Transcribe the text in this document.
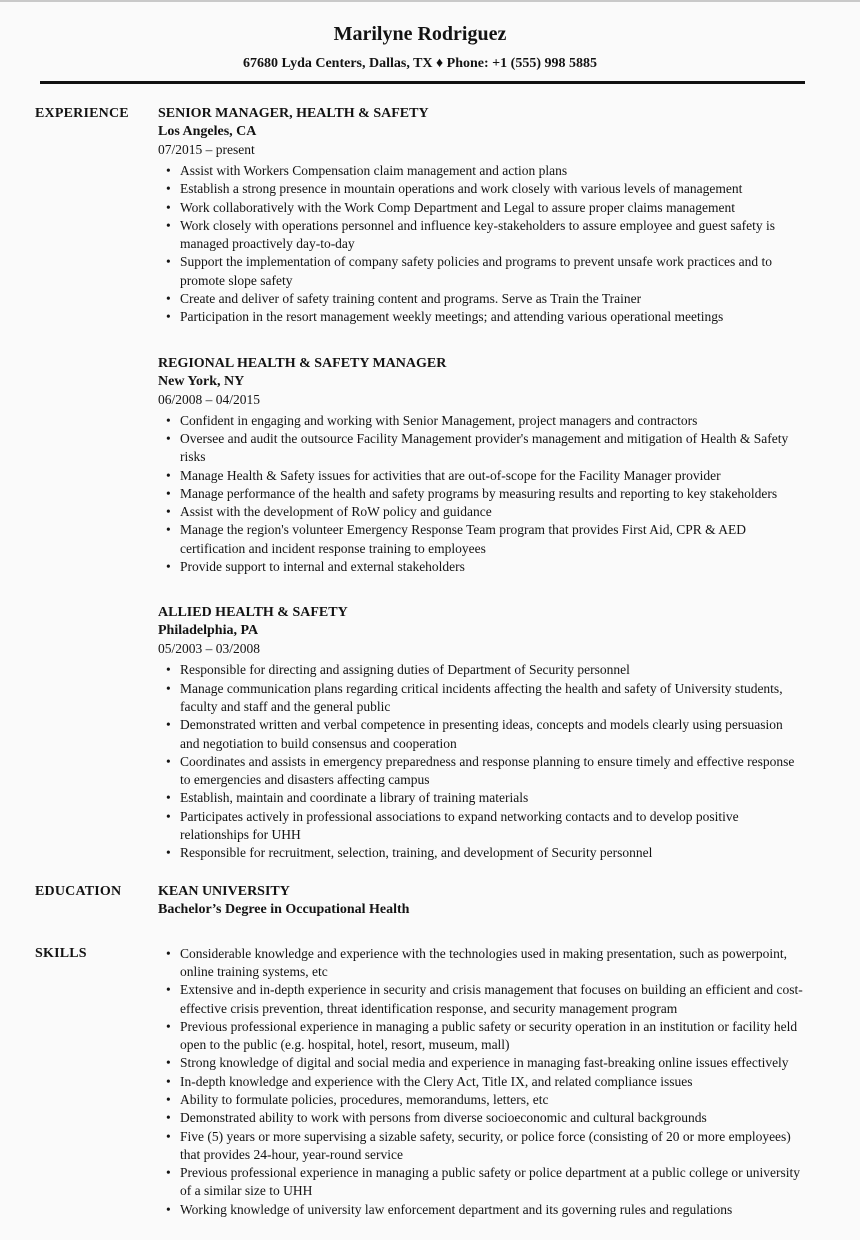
Marilyne Rodriguez

67680 Lyda Centers, Dallas, TX ♦ Phone: +1 (555) 998 5885

EXPERIENCE	SENIOR MANAGER, HEALTH & SAFETY
Los Angeles, CA

07/2015 – present

• Assist with Workers Compensation claim management and action plans
• Establish a strong presence in mountain operations and work closely with various levels of management
• Work collaboratively with the Work Comp Department and Legal to assure proper claims management
• Work closely with operations personnel and influence key-stakeholders to assure employee and guest safety is managed proactively day-to-day
• Support the implementation of company safety policies and programs to prevent unsafe work practices and to promote slope safety
• Create and deliver of safety training content and programs. Serve as Train the Trainer
• Participation in the resort management weekly meetings; and attending various operational meetings
REGIONAL HEALTH & SAFETY MANAGER
New York, NY

06/2008 – 04/2015

• Confident in engaging and working with Senior Management, project managers and contractors
• Oversee and audit the outsource Facility Management provider's management and mitigation of Health & Safety risks
• Manage Health & Safety issues for activities that are out-of-scope for the Facility Manager provider
• Manage performance of the health and safety programs by measuring results and reporting to key stakeholders
• Assist with the development of RoW policy and guidance
• Manage the region's volunteer Emergency Response Team program that provides First Aid, CPR & AED certification and incident response training to employees
• Provide support to internal and external stakeholders
ALLIED HEALTH & SAFETY
Philadelphia, PA

05/2003 – 03/2008

• Responsible for directing and assigning duties of Department of Security personnel
• Manage communication plans regarding critical incidents affecting the health and safety of University students, faculty and staff and the general public
• Demonstrated written and verbal competence in presenting ideas, concepts and models clearly using persuasion and negotiation to build consensus and cooperation
• Coordinates and assists in emergency preparedness and response planning to ensure timely and effective response to emergencies and disasters affecting campus
• Establish, maintain and coordinate a library of training materials
• Participates actively in professional associations to expand networking contacts and to develop positive relationships for UHH
• Responsible for recruitment, selection, training, and development of Security personnel
EDUCATION	KEAN UNIVERSITY

Bachelor’s Degree in Occupational Health

SKILLS	• Considerable knowledge and experience with the technologies used in making presentation, such as powerpoint, online training systems, etc
• Extensive and in-depth experience in security and crisis management that focuses on building an efficient and cost-effective crisis prevention, threat identification response, and security management program
• Previous professional experience in managing a public safety or security operation in an institution or facility held open to the public (e.g. hospital, hotel, resort, museum, mall)
• Strong knowledge of digital and social media and experience in managing fast-breaking online issues effectively
• In-depth knowledge and experience with the Clery Act, Title IX, and related compliance issues
• Ability to formulate policies, procedures, memorandums, letters, etc
• Demonstrated ability to work with persons from diverse socioeconomic and cultural backgrounds
• Five (5) years or more supervising a sizable safety, security, or police force (consisting of 20 or more employees) that provides 24-hour, year-round service
• Previous professional experience in managing a public safety or police department at a public college or university of a similar size to UHH
• Working knowledge of university law enforcement department and its governing rules and regulations
